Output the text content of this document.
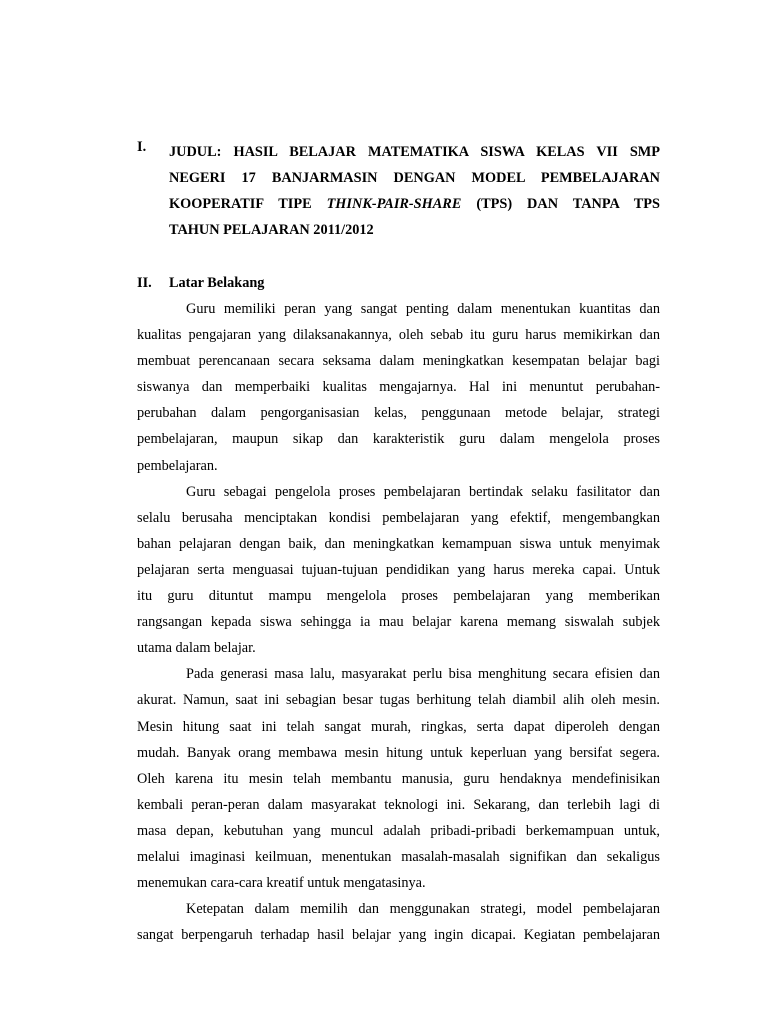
I. JUDUL: HASIL BELAJAR MATEMATIKA SISWA KELAS VII SMP
NEGERI 17 BANJARMASIN DENGAN MODEL PEMBELAJARAN
KOOPERATIF TIPE THINK-PAIR-SHARE (TPS) DAN TANPA TPS
TAHUN PELAJARAN 2011/2012
II. Latar Belakang

Guru memiliki peran yang sangat penting dalam menentukan kuantitas dan
kualitas pengajaran yang dilaksanakannya, oleh sebab itu guru harus memikirkan dan
membuat perencanaan secara seksama dalam meningkatkan kesempatan belajar bagi
siswanya dan memperbaiki kualitas mengajarnya. Hal ini menuntut perubahan-
perubahan dalam pengorganisasian kelas, penggunaan metode belajar, strategi
pembelajaran, maupun sikap dan karakteristik guru dalam mengelola proses
pembelajaran.

Guru sebagai pengelola proses pembelajaran bertindak selaku fasilitator dan
selalu berusaha menciptakan kondisi pembelajaran yang efektif, mengembangkan
bahan pelajaran dengan baik, dan meningkatkan kemampuan siswa untuk menyimak
pelajaran serta menguasai tujuan-tujuan pendidikan yang harus mereka capai. Untuk
itu guru dituntut mampu mengelola proses pembelajaran yang memberikan
rangsangan kepada siswa sehingga ia mau belajar karena memang siswalah subjek
utama dalam belajar.

Pada generasi masa lalu, masyarakat perlu bisa menghitung secara efisien dan
akurat. Namun, saat ini sebagian besar tugas berhitung telah diambil alih oleh mesin.
Mesin hitung saat ini telah sangat murah, ringkas, serta dapat diperoleh dengan
mudah. Banyak orang membawa mesin hitung untuk keperluan yang bersifat segera.
Oleh karena itu mesin telah membantu manusia, guru hendaknya mendefinisikan
kembali peran-peran dalam masyarakat teknologi ini. Sekarang, dan terlebih lagi di
masa depan, kebutuhan yang muncul adalah pribadi-pribadi berkemampuan untuk,
melalui imaginasi keilmuan, menentukan masalah-masalah signifikan dan sekaligus
menemukan cara-cara kreatif untuk mengatasinya.

Ketepatan dalam memilih dan menggunakan strategi, model pembelajaran
sangat berpengaruh terhadap hasil belajar yang ingin dicapai. Kegiatan pembelajaran
